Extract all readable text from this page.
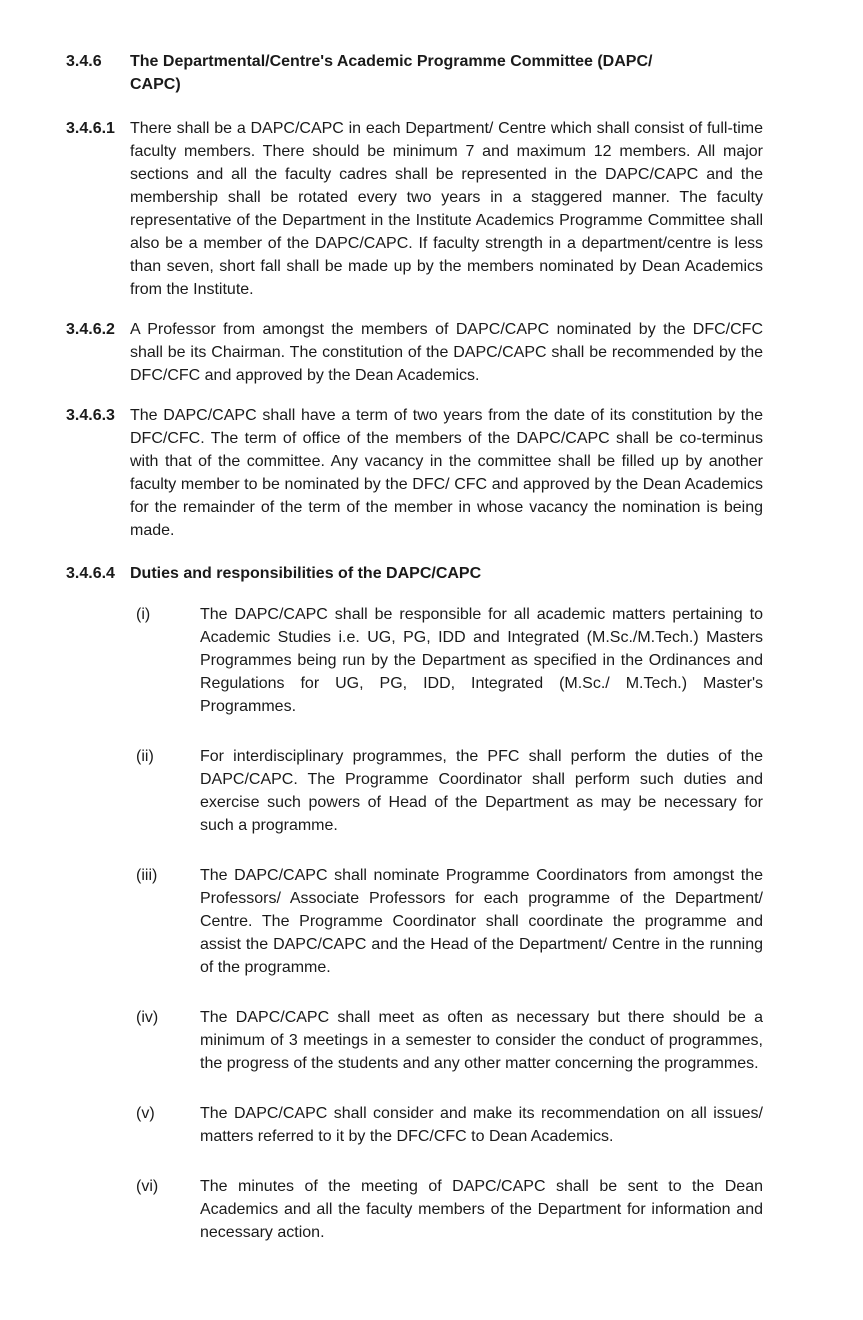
3.4.6	The Departmental/Centre's Academic Programme Committee (DAPC/
CAPC)
3.4.6.1 There shall be a DAPC/CAPC in each Department/ Centre which shall consist of full-time faculty members. There should be minimum 7 and maximum 12 members. All major sections and all the faculty cadres shall be represented in the DAPC/CAPC and the membership shall be rotated every two years in a staggered manner. The faculty representative of the Department in the Institute Academics Programme Committee shall also be a member of the DAPC/CAPC. If faculty strength in a department/centre is less than seven, short fall shall be made up by the members nominated by Dean Academics from the Institute.
3.4.6.2 A Professor from amongst the members of DAPC/CAPC nominated by the DFC/CFC shall be its Chairman. The constitution of the DAPC/CAPC shall be recommended by the DFC/CFC and approved by the Dean Academics.
3.4.6.3 The DAPC/CAPC shall have a term of two years from the date of its constitution by the DFC/CFC. The term of office of the members of the DAPC/CAPC shall be co-terminus with that of the committee. Any vacancy in the committee shall be filled up by another faculty member to be nominated by the DFC/ CFC and approved by the Dean Academics for the remainder of the term of the member in whose vacancy the nomination is being made.
3.4.6.4 Duties and responsibilities of the DAPC/CAPC
(i)	The DAPC/CAPC shall be responsible for all academic matters pertaining to Academic Studies i.e. UG, PG, IDD and Integrated (M.Sc./M.Tech.) Masters Programmes being run by the Department as specified in the Ordinances and Regulations for UG, PG, IDD, Integrated (M.Sc./ M.Tech.) Master's Programmes.
(ii)	For interdisciplinary programmes, the PFC shall perform the duties of the DAPC/CAPC. The Programme Coordinator shall perform such duties and exercise such powers of Head of the Department as may be necessary for such a programme.
(iii)	The DAPC/CAPC shall nominate Programme Coordinators from amongst the Professors/ Associate Professors for each programme of the Department/ Centre. The Programme Coordinator shall coordinate the programme and assist the DAPC/CAPC and the Head of the Department/ Centre in the running of the programme.
(iv)	The DAPC/CAPC shall meet as often as necessary but there should be a minimum of 3 meetings in a semester to consider the conduct of programmes, the progress of the students and any other matter concerning the programmes.
(v)	The DAPC/CAPC shall consider and make its recommendation on all issues/ matters referred to it by the DFC/CFC to Dean Academics.
(vi)	The minutes of the meeting of DAPC/CAPC shall be sent to the Dean Academics and all the faculty members of the Department for information and necessary action.
